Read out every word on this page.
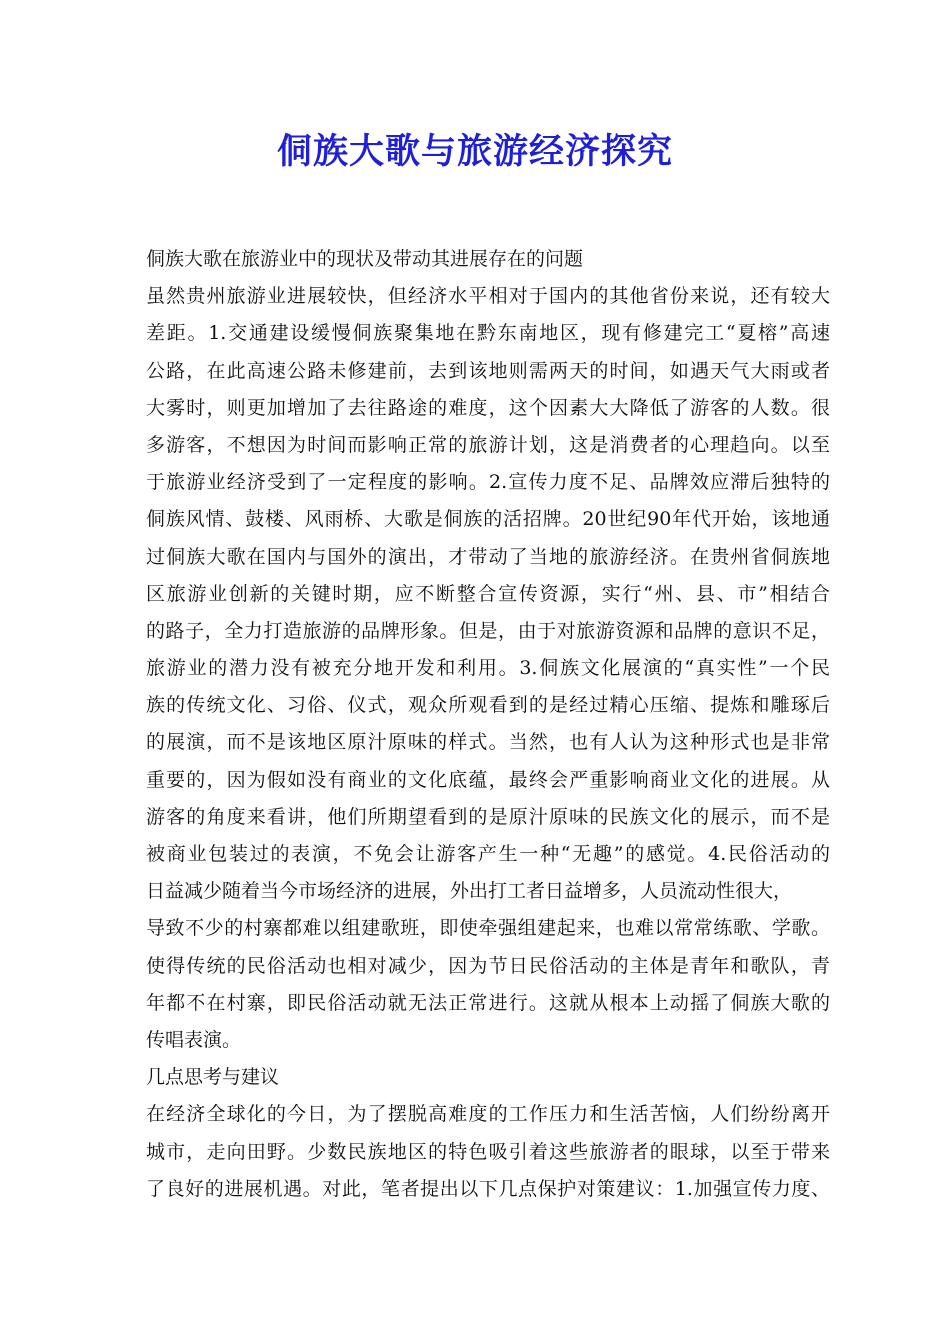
侗族大歌与旅游经济探究
侗族大歌在旅游业中的现状及带动其进展存在的问题
虽然贵州旅游业进展较快，但经济水平相对于国内的其他省份来说，还有较大
差距。1.交通建设缓慢侗族聚集地在黔东南地区，现有修建完工“夏榕”高速
公路，在此高速公路未修建前，去到该地则需两天的时间，如遇天气大雨或者
大雾时，则更加增加了去往路途的难度，这个因素大大降低了游客的人数。很
多游客，不想因为时间而影响正常的旅游计划，这是消费者的心理趋向。以至
于旅游业经济受到了一定程度的影响。2.宣传力度不足、品牌效应滞后独特的
侗族风情、鼓楼、风雨桥、大歌是侗族的活招牌。20世纪90年代开始，该地通
过侗族大歌在国内与国外的演出，才带动了当地的旅游经济。在贵州省侗族地
区旅游业创新的关键时期，应不断整合宣传资源，实行“州、县、市”相结合
的路子，全力打造旅游的品牌形象。但是，由于对旅游资源和品牌的意识不足，
旅游业的潜力没有被充分地开发和利用。3.侗族文化展演的“真实性”一个民
族的传统文化、习俗、仪式，观众所观看到的是经过精心压缩、提炼和雕琢后
的展演，而不是该地区原汁原味的样式。当然，也有人认为这种形式也是非常
重要的，因为假如没有商业的文化底蕴，最终会严重影响商业文化的进展。从
游客的角度来看讲，他们所期望看到的是原汁原味的民族文化的展示，而不是
被商业包装过的表演，不免会让游客产生一种“无趣”的感觉。4.民俗活动的
日益减少随着当今市场经济的进展，外出打工者日益增多，人员流动性很大，
导致不少的村寨都难以组建歌班，即使牵强组建起来，也难以常常练歌、学歌。
使得传统的民俗活动也相对减少，因为节日民俗活动的主体是青年和歌队，青
年都不在村寨，即民俗活动就无法正常进行。这就从根本上动摇了侗族大歌的
传唱表演。
几点思考与建议
在经济全球化的今日，为了摆脱高难度的工作压力和生活苦恼，人们纷纷离开
城市，走向田野。少数民族地区的特色吸引着这些旅游者的眼球，以至于带来
了良好的进展机遇。对此，笔者提出以下几点保护对策建议：1.加强宣传力度、
